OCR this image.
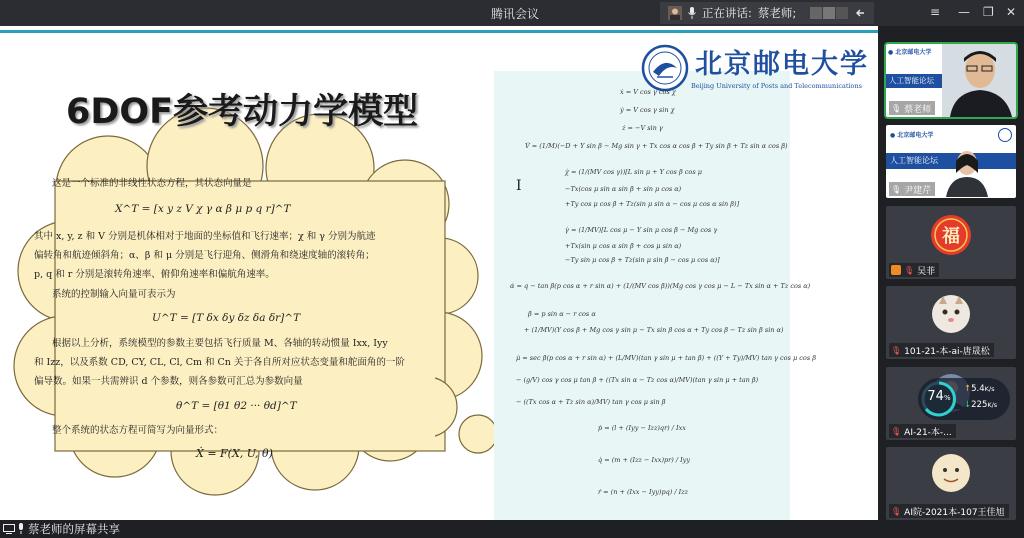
腾讯会议	正在讲话: 蔡老师;	≡ — ❐ ✕
6DOF参考动力学模型
北京邮电大学
Beijing University of Posts and Telecommunications
这是一个标准的非线性状态方程，其状态向量是
X^T = [x y z V χ γ α β μ p q r]^T
其中 x, y, z 和 V 分别是机体相对于地面的坐标值和飞行速率；χ 和 γ 分别为航迹
偏转角和航迹倾斜角；α、β 和 μ 分别是飞行迎角、侧滑角和绕速度轴的滚转角；
p, q 和 r 分别是滚转角速率、俯仰角速率和偏航角速率。
系统的控制输入向量可表示为
U^T = [T δx δy δz δa δr]^T
根据以上分析，系统模型的参数主要包括飞行质量 M、各轴的转动惯量 Ixx, Iyy
和 Izz，以及系数 CD, CY, CL, Cl, Cm 和 Cn 关于各自所对应状态变量和舵面角的一阶
偏导数。如果一共需辨识 d 个参数，则各参数可汇总为参数向量
θ^T = [θ1 θ2 ··· θd]^T
整个系统的状态方程可简写为向量形式：
Ẋ = F(X, U, θ)
I
ẋ = V cos γ cos χ
ẏ = V cos γ sin χ
ż = −V sin γ
V̇ = (1/M)(−D + Y sin β − Mg sin γ + Tx cos α cos β + Ty sin β + Tz sin α cos β)
χ̇ = (1/(MV cos γ))[L sin μ + Y cos β cos μ
−Tx(cos μ sin α sin β + sin μ cos α)
+Ty cos μ cos β + Tz(sin μ sin α − cos μ cos α sin β)]
γ̇ = (1/MV)[L cos μ − Y sin μ cos β − Mg cos γ
+Tx(sin μ cos α sin β + cos μ sin α)
−Ty sin μ cos β + Tz(sin μ sin β − cos μ cos α)]
α̇ = q − tan β(p cos α + r sin α) + (1/(MV cos β))(Mg cos γ cos μ − L − Tx sin α + Tz cos α)
β̇ = p sin α − r cos α
+ (1/MV)(Y cos β + Mg cos γ sin μ − Tx sin β cos α + Ty cos β − Tz sin β sin α)
μ̇ = sec β(p cos α + r sin α) + (L/MV)(tan γ sin μ + tan β) + ((Y + Ty)/MV) tan γ cos μ cos β
− (g/V) cos γ cos μ tan β + ((Tx sin α − Tz cos α)/MV)(tan γ sin μ + tan β)
− ((Tx cos α + Tz sin α)/MV) tan γ cos μ sin β
ṗ = (l + (Iyy − Izz)qr) / Ixx
q̇ = (m + (Izz − Ixx)pr) / Iyy
ṙ = (n + (Ixx − Iyy)pq) / Izz
● 北京邮电大学
人工智能论坛
🎙 蔡老师
● 北京邮电大学
人工智能论坛
🎙 尹建芹
福
🎙 吴菲
🎙 101-21-本-ai-唐晟松
🎙 AI-21-本-...
74%
↑5.4K/s
↓225K/s
🎙 AI院-2021本-107王佳旭
蔡老师的屏幕共享
